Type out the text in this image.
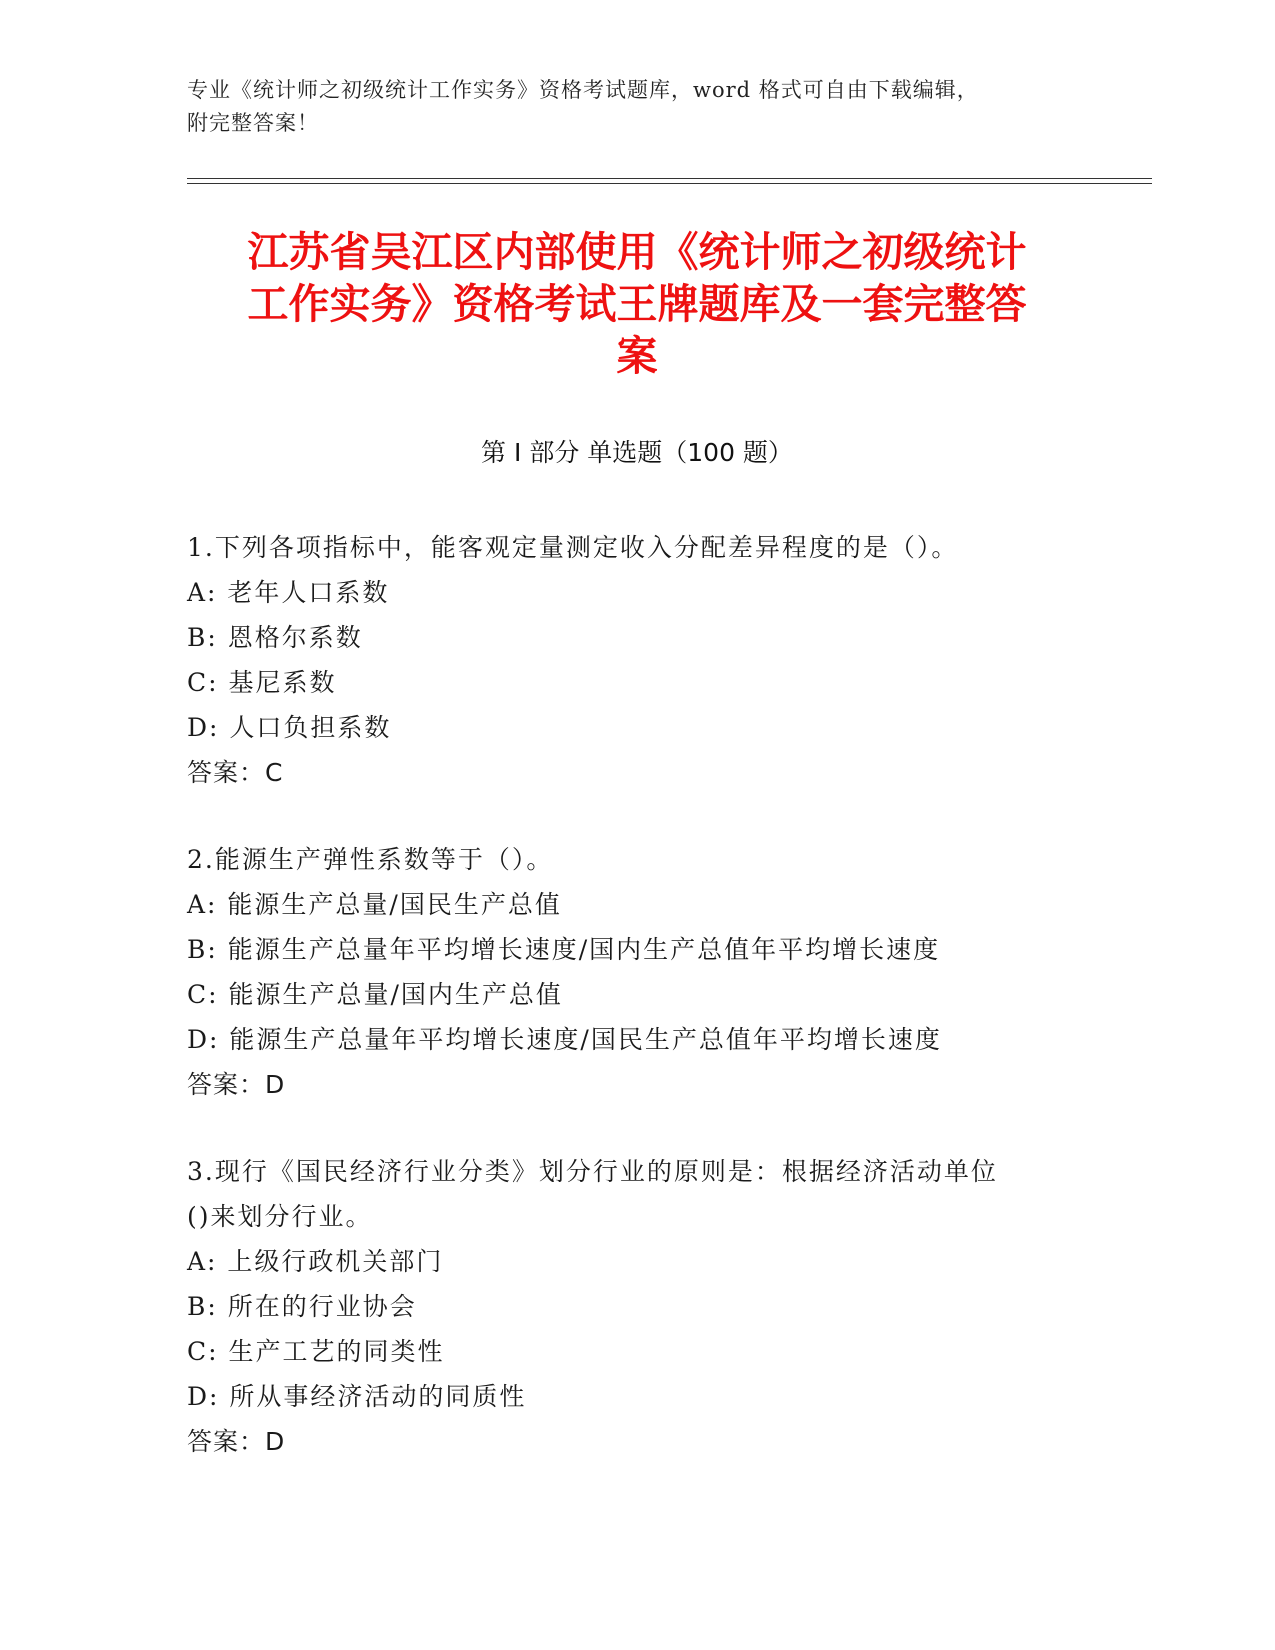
专业《统计师之初级统计工作实务》资格考试题库，word 格式可自由下载编辑，
附完整答案！
江苏省吴江区内部使用《统计师之初级统计
工作实务》资格考试王牌题库及一套完整答
案
第 I 部分 单选题（100 题）
1.下列各项指标中，能客观定量测定收入分配差异程度的是（）。
A: 老年人口系数
B: 恩格尔系数
C: 基尼系数
D: 人口负担系数
答案：C
2.能源生产弹性系数等于（）。
A: 能源生产总量/国民生产总值
B: 能源生产总量年平均增长速度/国内生产总值年平均增长速度
C: 能源生产总量/国内生产总值
D: 能源生产总量年平均增长速度/国民生产总值年平均增长速度
答案：D
3.现行《国民经济行业分类》划分行业的原则是：根据经济活动单位
()来划分行业。
A: 上级行政机关部门
B: 所在的行业协会
C: 生产工艺的同类性
D: 所从事经济活动的同质性
答案：D
